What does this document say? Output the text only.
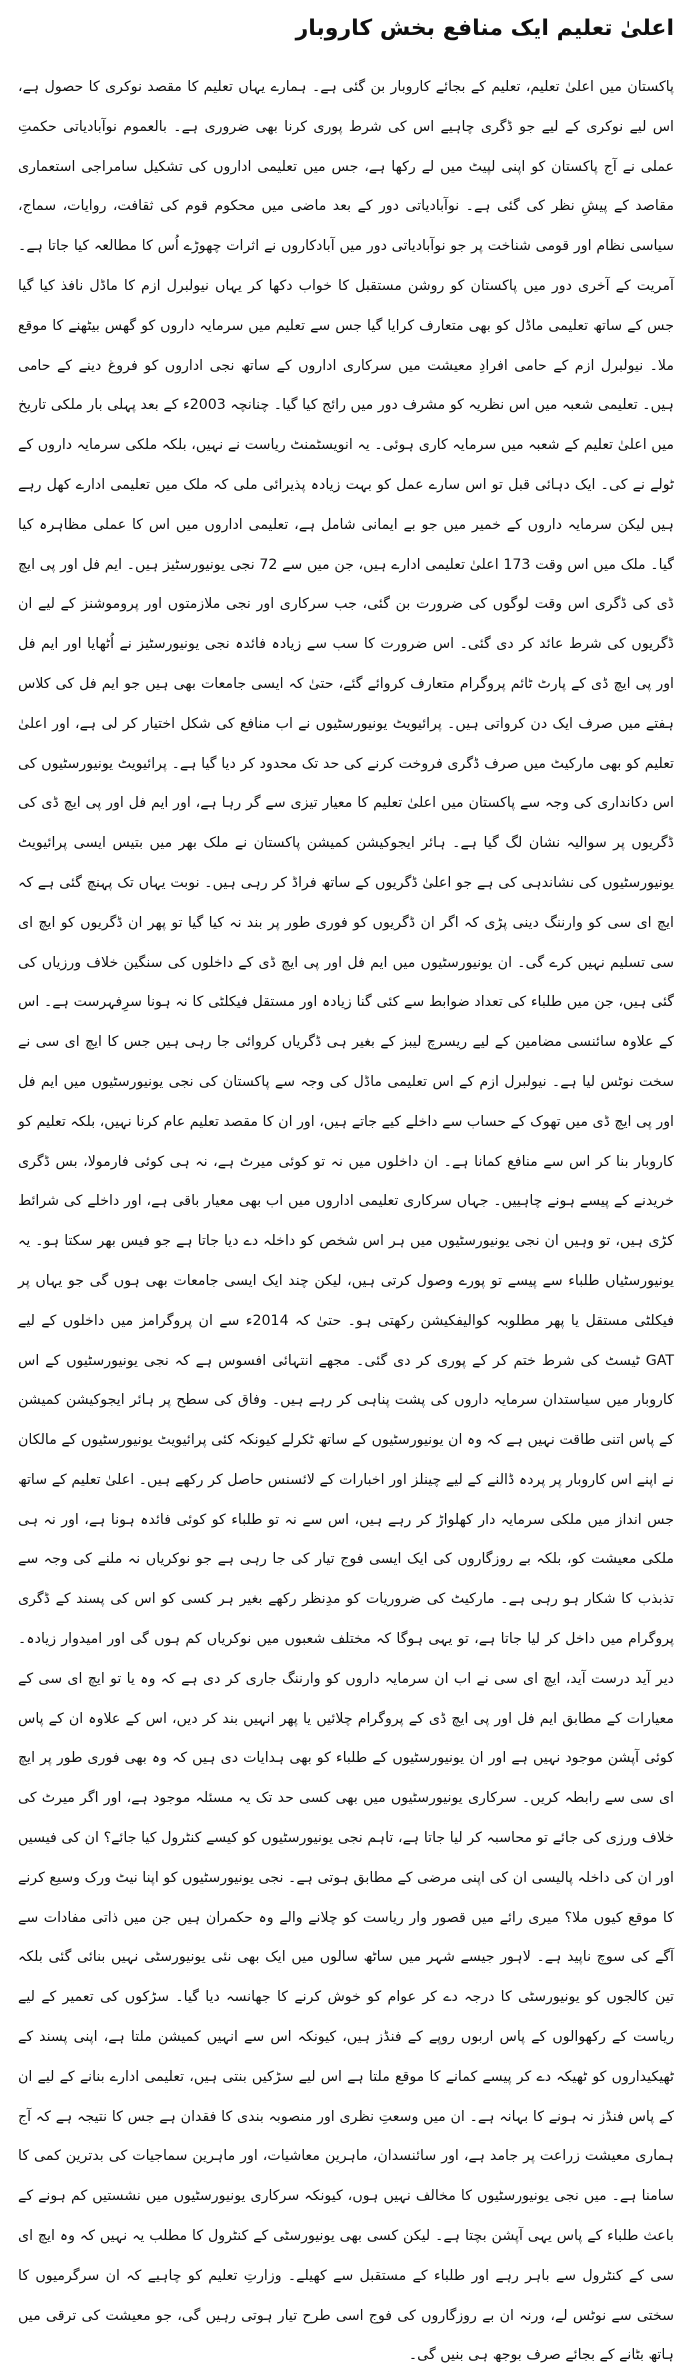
اعلیٰ تعلیم ایک منافع بخش کاروبار

پاکستان میں اعلیٰ تعلیم، تعلیم کے بجائے کاروبار بن گئی ہے۔ ہمارے یہاں تعلیم کا مقصد نوکری کا حصول ہے، اس لیے نوکری کے لیے جو ڈگری چاہیے اس کی شرط پوری کرنا بھی ضروری ہے۔ بالعموم نوآبادیاتی حکمتِ عملی نے آج پاکستان کو اپنی لپیٹ میں لے رکھا ہے، جس میں تعلیمی اداروں کی تشکیل سامراجی استعماری مقاصد کے پیشِ نظر کی گئی ہے۔ نوآبادیاتی دور کے بعد ماضی میں محکوم قوم کی ثقافت، روایات، سماج، سیاسی نظام اور قومی شناخت پر جو نوآبادیاتی دور میں آبادکاروں نے اثرات چھوڑے اُس کا مطالعہ کیا جاتا ہے۔ آمریت کے آخری دور میں پاکستان کو روشن مستقبل کا خواب دکھا کر یہاں نیولبرل ازم کا ماڈل نافذ کیا گیا جس کے ساتھ تعلیمی ماڈل کو بھی متعارف کرایا گیا جس سے تعلیم میں سرمایہ داروں کو گھس بیٹھنے کا موقع ملا۔ نیولبرل ازم کے حامی افرادِ معیشت میں سرکاری اداروں کے ساتھ نجی اداروں کو فروغ دینے کے حامی ہیں۔ تعلیمی شعبہ میں اس نظریہ کو مشرف دور میں رائج کیا گیا۔ چنانچہ 2003ء کے بعد پہلی بار ملکی تاریخ میں اعلیٰ تعلیم کے شعبہ میں سرمایہ کاری ہوئی۔ یہ انویسٹمنٹ ریاست نے نہیں، بلکہ ملکی سرمایہ داروں کے ٹولے نے کی۔ ایک دہائی قبل تو اس سارے عمل کو بہت زیادہ پذیرائی ملی کہ ملک میں تعلیمی ادارے کھل رہے ہیں لیکن سرمایہ داروں کے خمیر میں جو بے ایمانی شامل ہے، تعلیمی اداروں میں اس کا عملی مظاہرہ کیا گیا۔ ملک میں اس وقت 173 اعلیٰ تعلیمی ادارے ہیں، جن میں سے 72 نجی یونیورسٹیز ہیں۔ ایم فل اور پی ایچ ڈی کی ڈگری اس وقت لوگوں کی ضرورت بن گئی، جب سرکاری اور نجی ملازمتوں اور پروموشنز کے لیے ان ڈگریوں کی شرط عائد کر دی گئی۔ اس ضرورت کا سب سے زیادہ فائدہ نجی یونیورسٹیز نے اُٹھایا اور ایم فل اور پی ایچ ڈی کے پارٹ ٹائم پروگرام متعارف کروائے گئے، حتیٰ کہ ایسی جامعات بھی ہیں جو ایم فل کی کلاس ہفتے میں صرف ایک دن کرواتی ہیں۔ پرائیویٹ یونیورسٹیوں نے اب منافع کی شکل اختیار کر لی ہے، اور اعلیٰ تعلیم کو بھی مارکیٹ میں صرف ڈگری فروخت کرنے کی حد تک محدود کر دیا گیا ہے۔ پرائیویٹ یونیورسٹیوں کی اس دکانداری کی وجہ سے پاکستان میں اعلیٰ تعلیم کا معیار تیزی سے گر رہا ہے، اور ایم فل اور پی ایچ ڈی کی ڈگریوں پر سوالیہ نشان لگ گیا ہے۔ ہائر ایجوکیشن کمیشن پاکستان نے ملک بھر میں بتیس ایسی پرائیویٹ یونیورسٹیوں کی نشاندہی کی ہے جو اعلیٰ ڈگریوں کے ساتھ فراڈ کر رہی ہیں۔ نوبت یہاں تک پہنچ گئی ہے کہ ایچ ای سی کو وارننگ دینی پڑی کہ اگر ان ڈگریوں کو فوری طور پر بند نہ کیا گیا تو پھر ان ڈگریوں کو ایچ ای سی تسلیم نہیں کرے گی۔ ان یونیورسٹیوں میں ایم فل اور پی ایچ ڈی کے داخلوں کی سنگین خلاف ورزیاں کی گئی ہیں، جن میں طلباء کی تعداد ضوابط سے کئی گنا زیادہ اور مستقل فیکلٹی کا نہ ہونا سرِفہرست ہے۔ اس کے علاوہ سائنسی مضامین کے لیے ریسرچ لیبز کے بغیر ہی ڈگریاں کروائی جا رہی ہیں جس کا ایچ ای سی نے سخت نوٹس لیا ہے۔ نیولبرل ازم کے اس تعلیمی ماڈل کی وجہ سے پاکستان کی نجی یونیورسٹیوں میں ایم فل اور پی ایچ ڈی میں تھوک کے حساب سے داخلے کیے جاتے ہیں، اور ان کا مقصد تعلیم عام کرنا نہیں، بلکہ تعلیم کو کاروبار بنا کر اس سے منافع کمانا ہے۔ ان داخلوں میں نہ تو کوئی میرٹ ہے، نہ ہی کوئی فارمولا، بس ڈگری خریدنے کے پیسے ہونے چاہییں۔ جہاں سرکاری تعلیمی اداروں میں اب بھی معیار باقی ہے، اور داخلے کی شرائط کڑی ہیں، تو وہیں ان نجی یونیورسٹیوں میں ہر اس شخص کو داخلہ دے دیا جاتا ہے جو فیس بھر سکتا ہو۔ یہ یونیورسٹیاں طلباء سے پیسے تو پورے وصول کرتی ہیں، لیکن چند ایک ایسی جامعات بھی ہوں گی جو یہاں پر فیکلٹی مستقل یا پھر مطلوبہ کوالیفکیشن رکھتی ہو۔ حتیٰ کہ 2014ء سے ان پروگرامز میں داخلوں کے لیے GAT ٹیسٹ کی شرط ختم کر کے پوری کر دی گئی۔ مجھے انتہائی افسوس ہے کہ نجی یونیورسٹیوں کے اس کاروبار میں سیاستدان سرمایہ داروں کی پشت پناہی کر رہے ہیں۔ وفاق کی سطح پر ہائر ایجوکیشن کمیشن کے پاس اتنی طاقت نہیں ہے کہ وہ ان یونیورسٹیوں کے ساتھ ٹکرلے کیونکہ کئی پرائیویٹ یونیورسٹیوں کے مالکان نے اپنے اس کاروبار پر پردہ ڈالنے کے لیے چینلز اور اخبارات کے لائسنس حاصل کر رکھے ہیں۔ اعلیٰ تعلیم کے ساتھ جس انداز میں ملکی سرمایہ دار کھلواڑ کر رہے ہیں، اس سے نہ تو طلباء کو کوئی فائدہ ہونا ہے، اور نہ ہی ملکی معیشت کو، بلکہ بے روزگاروں کی ایک ایسی فوج تیار کی جا رہی ہے جو نوکریاں نہ ملنے کی وجہ سے تذبذب کا شکار ہو رہی ہے۔ مارکیٹ کی ضروریات کو مدِنظر رکھے بغیر ہر کسی کو اس کی پسند کے ڈگری پروگرام میں داخل کر لیا جاتا ہے، تو یہی ہوگا کہ مختلف شعبوں میں نوکریاں کم ہوں گی اور امیدوار زیادہ۔ دیر آید درست آید، ایچ ای سی نے اب ان سرمایہ داروں کو وارننگ جاری کر دی ہے کہ وہ یا تو ایچ ای سی کے معیارات کے مطابق ایم فل اور پی ایچ ڈی کے پروگرام چلائیں یا پھر انہیں بند کر دیں، اس کے علاوہ ان کے پاس کوئی آپشن موجود نہیں ہے اور ان یونیورسٹیوں کے طلباء کو بھی ہدایات دی ہیں کہ وہ بھی فوری طور پر ایچ ای سی سے رابطہ کریں۔ سرکاری یونیورسٹیوں میں بھی کسی حد تک یہ مسئلہ موجود ہے، اور اگر میرٹ کی خلاف ورزی کی جائے تو محاسبہ کر لیا جاتا ہے، تاہم نجی یونیورسٹیوں کو کیسے کنٹرول کیا جائے؟ ان کی فیسیں اور ان کی داخلہ پالیسی ان کی اپنی مرضی کے مطابق ہوتی ہے۔ نجی یونیورسٹیوں کو اپنا نیٹ ورک وسیع کرنے کا موقع کیوں ملا؟ میری رائے میں قصور وار ریاست کو چلانے والے وہ حکمران ہیں جن میں ذاتی مفادات سے آگے کی سوچ ناپید ہے۔ لاہور جیسے شہر میں ساٹھ سالوں میں ایک بھی نئی یونیورسٹی نہیں بنائی گئی بلکہ تین کالجوں کو یونیورسٹی کا درجہ دے کر عوام کو خوش کرنے کا جھانسہ دیا گیا۔ سڑکوں کی تعمیر کے لیے ریاست کے رکھوالوں کے پاس اربوں روپے کے فنڈز ہیں، کیونکہ اس سے انہیں کمیشن ملتا ہے، اپنی پسند کے ٹھیکیداروں کو ٹھیکہ دے کر پیسے کمانے کا موقع ملتا ہے اس لیے سڑکیں بنتی ہیں، تعلیمی ادارے بنانے کے لیے ان کے پاس فنڈز نہ ہونے کا بہانہ ہے۔ ان میں وسعتِ نظری اور منصوبہ بندی کا فقدان ہے جس کا نتیجہ ہے کہ آج ہماری معیشت زراعت پر جامد ہے، اور سائنسدان، ماہرین معاشیات، اور ماہرین سماجیات کی بدترین کمی کا سامنا ہے۔ میں نجی یونیورسٹیوں کا مخالف نہیں ہوں، کیونکہ سرکاری یونیورسٹیوں میں نشستیں کم ہونے کے باعث طلباء کے پاس یہی آپشن بچتا ہے۔ لیکن کسی بھی یونیورسٹی کے کنٹرول کا مطلب یہ نہیں کہ وہ ایچ ای سی کے کنٹرول سے باہر رہے اور طلباء کے مستقبل سے کھیلے۔ وزارتِ تعلیم کو چاہیے کہ ان سرگرمیوں کا سختی سے نوٹس لے، ورنہ ان بے روزگاروں کی فوج اسی طرح تیار ہوتی رہیں گی، جو معیشت کی ترقی میں ہاتھ بٹانے کے بجائے صرف بوجھ ہی بنیں گی۔
